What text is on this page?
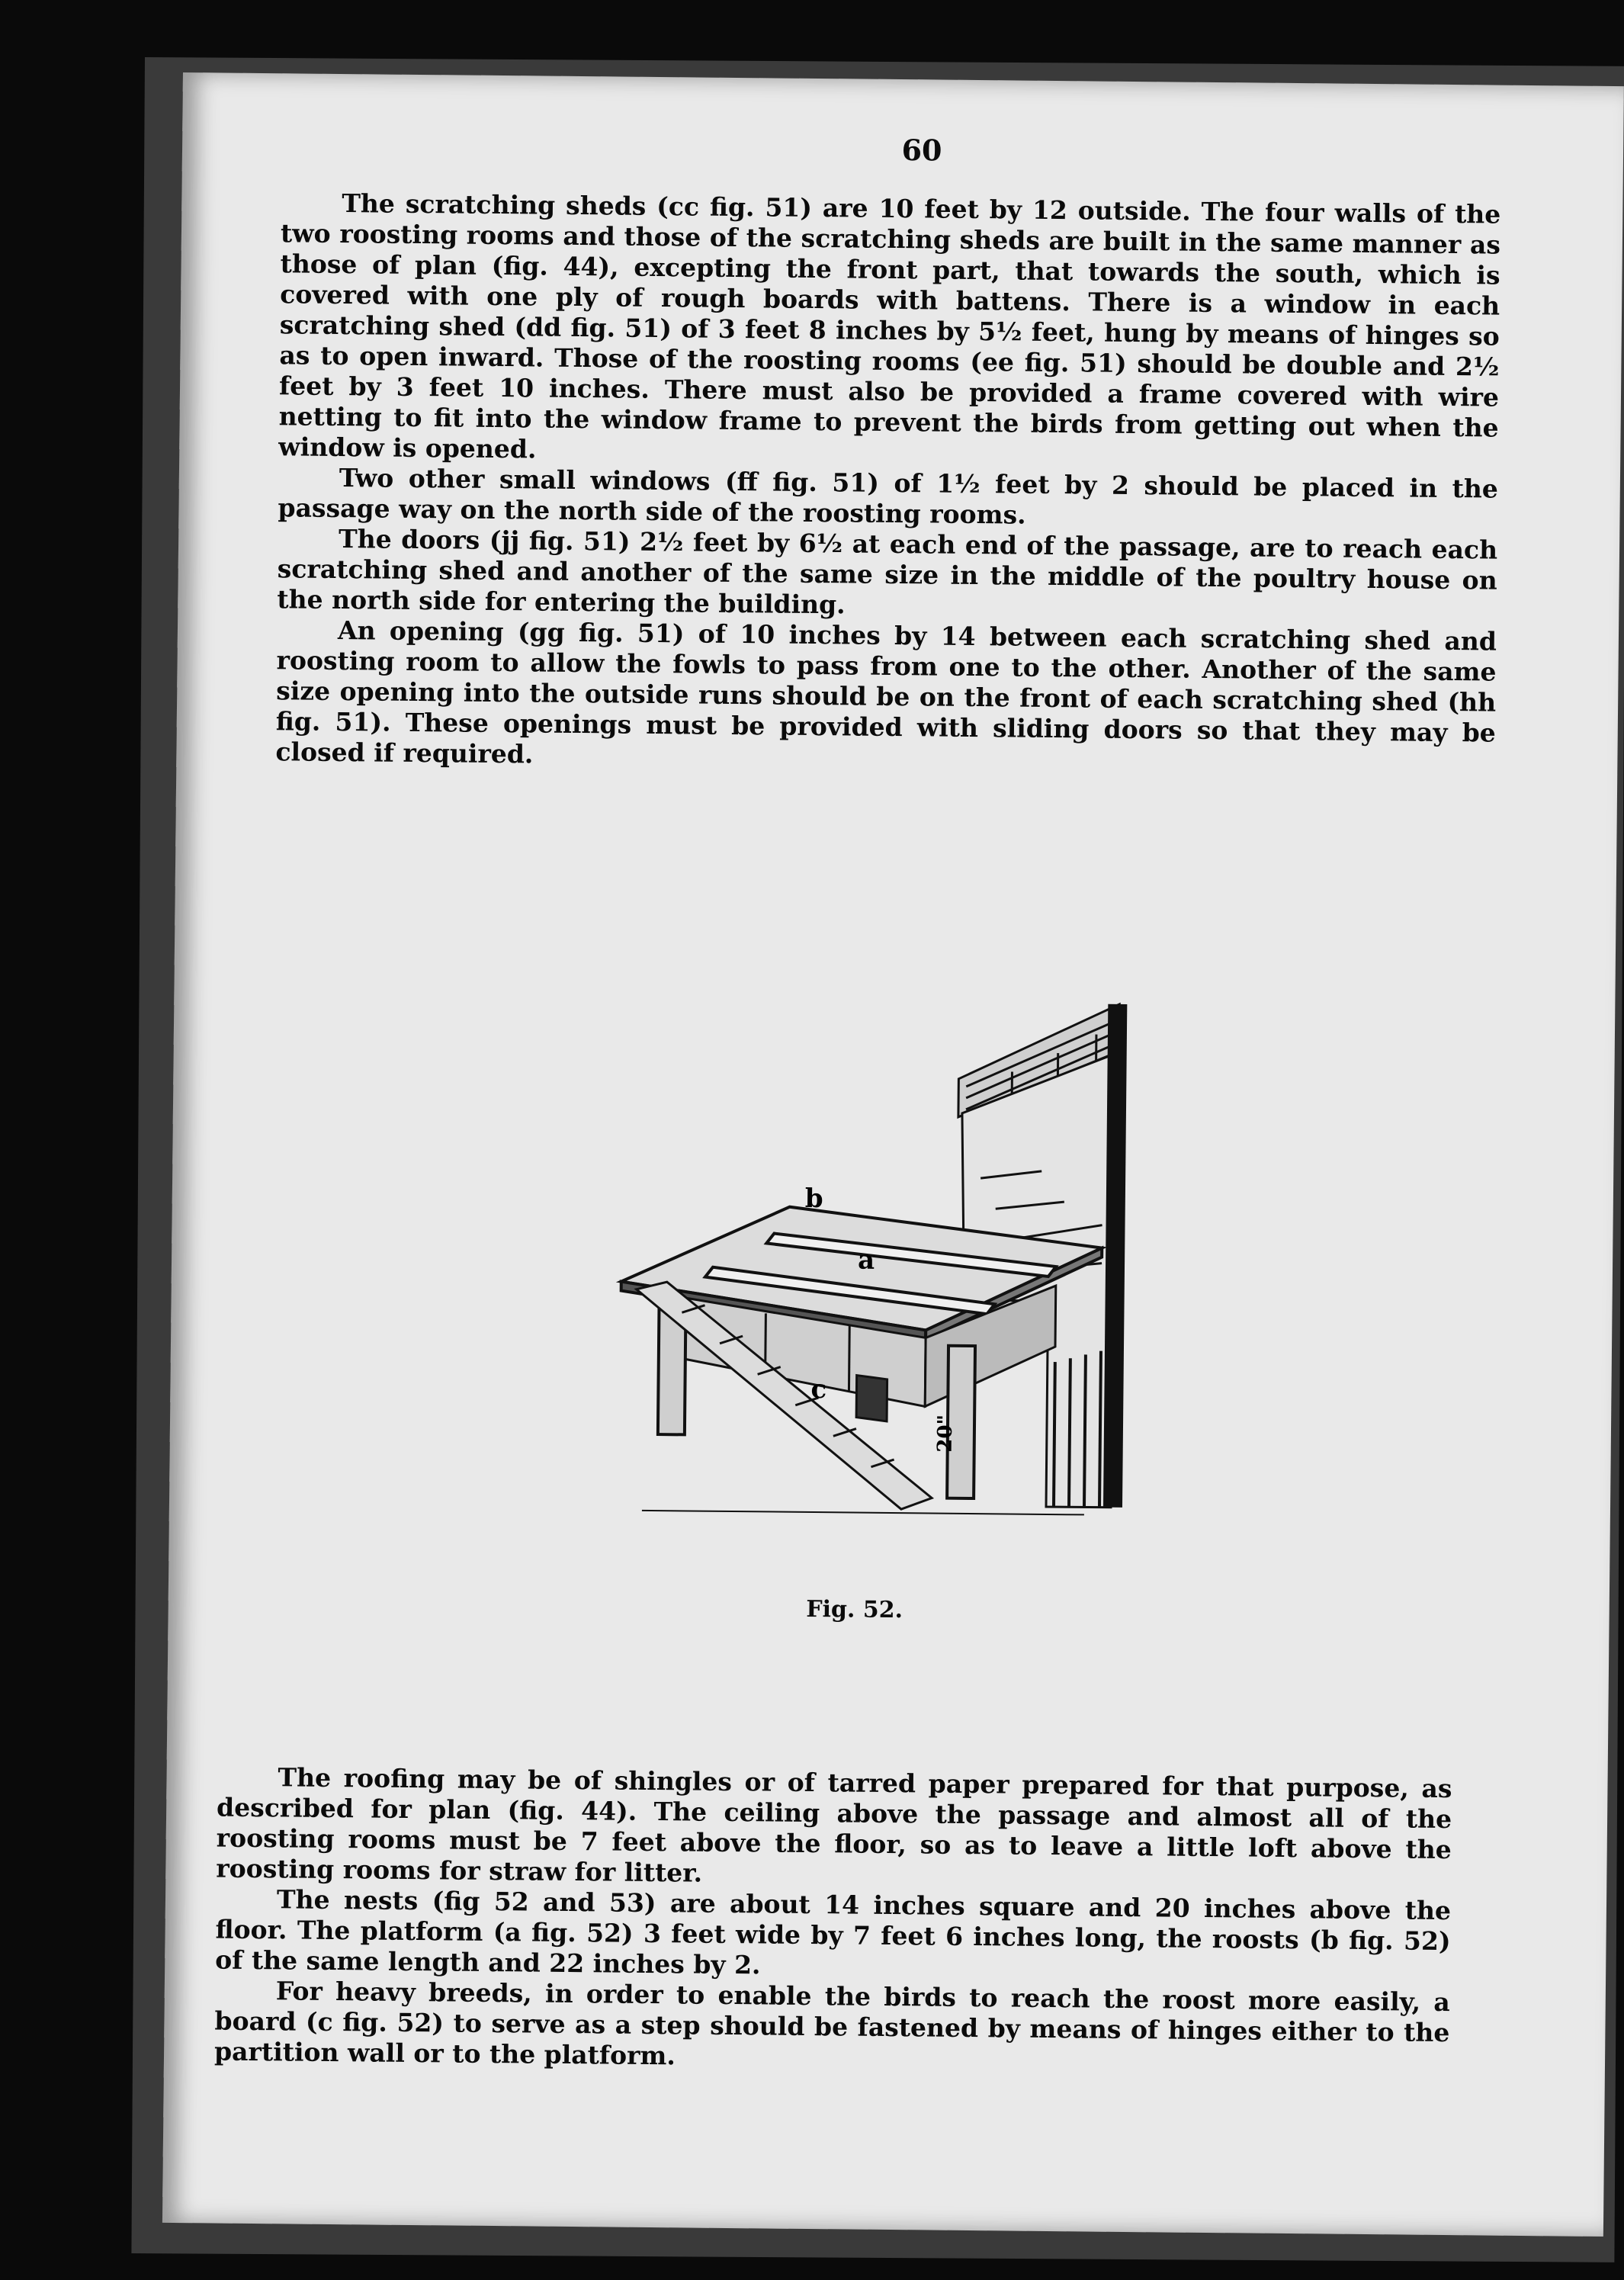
60

The scratching sheds (cc fig. 51) are 10 feet by 12 outside. The four walls of the two roosting rooms and those of the scratching sheds are built in the same manner as those of plan (fig. 44), excepting the front part, that towards the south, which is covered with one ply of rough boards with battens. There is a window in each scratching shed (dd fig. 51) of 3 feet 8 inches by 5½ feet, hung by means of hinges so as to open inward. Those of the roosting rooms (ee fig. 51) should be double and 2½ feet by 3 feet 10 inches. There must also be provided a frame covered with wire netting to fit into the window frame to prevent the birds from getting out when the window is opened.

Two other small windows (ff fig. 51) of 1½ feet by 2 should be placed in the passage way on the north side of the roosting rooms.

The doors (jj fig. 51) 2½ feet by 6½ at each end of the passage, are to reach each scratching shed and another of the same size in the middle of the poultry house on the north side for entering the building.

An opening (gg fig. 51) of 10 inches by 14 between each scratching shed and roosting room to allow the fowls to pass from one to the other. Another of the same size opening into the outside runs should be on the front of each scratching shed (hh fig. 51). These openings must be provided with sliding doors so that they may be closed if required.

b
a
c
20"
Fig. 52.

The roofing may be of shingles or of tarred paper prepared for that purpose, as described for plan (fig. 44). The ceiling above the passage and almost all of the roosting rooms must be 7 feet above the floor, so as to leave a little loft above the roosting rooms for straw for litter.

The nests (fig 52 and 53) are about 14 inches square and 20 inches above the floor. The platform (a fig. 52) 3 feet wide by 7 feet 6 inches long, the roosts (b fig. 52) of the same length and 22 inches by 2.

For heavy breeds, in order to enable the birds to reach the roost more easily, a board (c fig. 52) to serve as a step should be fastened by means of hinges either to the partition wall or to the platform.
